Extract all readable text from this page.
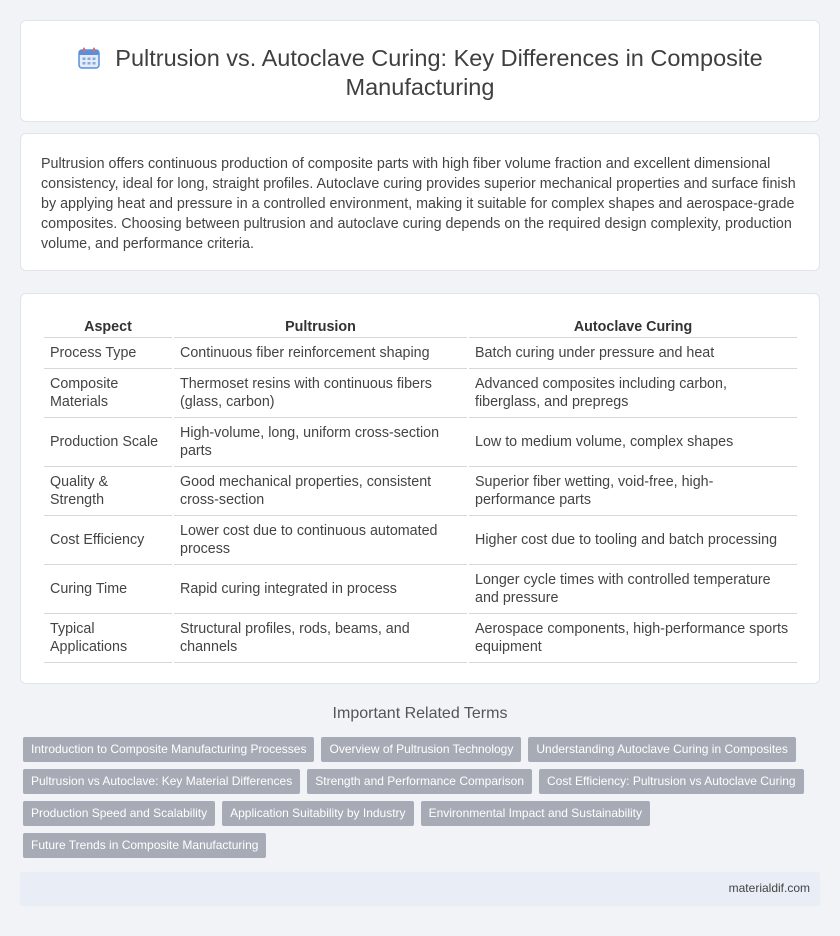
Pultrusion vs. Autoclave Curing: Key Differences in Composite Manufacturing

Pultrusion offers continuous production of composite parts with high fiber volume fraction and excellent dimensional consistency, ideal for long, straight profiles. Autoclave curing provides superior mechanical properties and surface finish by applying heat and pressure in a controlled environment, making it suitable for complex shapes and aerospace-grade composites. Choosing between pultrusion and autoclave curing depends on the required design complexity, production volume, and performance criteria.

Aspect	Pultrusion	Autoclave Curing
Process Type	Continuous fiber reinforcement shaping	Batch curing under pressure and heat
Composite Materials	Thermoset resins with continuous fibers (glass, carbon)	Advanced composites including carbon, fiberglass, and prepregs
Production Scale	High-volume, long, uniform cross-section parts	Low to medium volume, complex shapes
Quality & Strength	Good mechanical properties, consistent cross-section	Superior fiber wetting, void-free, high-performance parts
Cost Efficiency	Lower cost due to continuous automated process	Higher cost due to tooling and batch processing
Curing Time	Rapid curing integrated in process	Longer cycle times with controlled temperature and pressure
Typical Applications	Structural profiles, rods, beams, and channels	Aerospace components, high-performance sports equipment
Important Related Terms
Introduction to Composite Manufacturing Processes	Overview of Pultrusion Technology	Understanding Autoclave Curing in Composites
Pultrusion vs Autoclave: Key Material Differences	Strength and Performance Comparison	Cost Efficiency: Pultrusion vs Autoclave Curing
Production Speed and Scalability	Application Suitability by Industry	Environmental Impact and Sustainability
Future Trends in Composite Manufacturing
materialdif.com
